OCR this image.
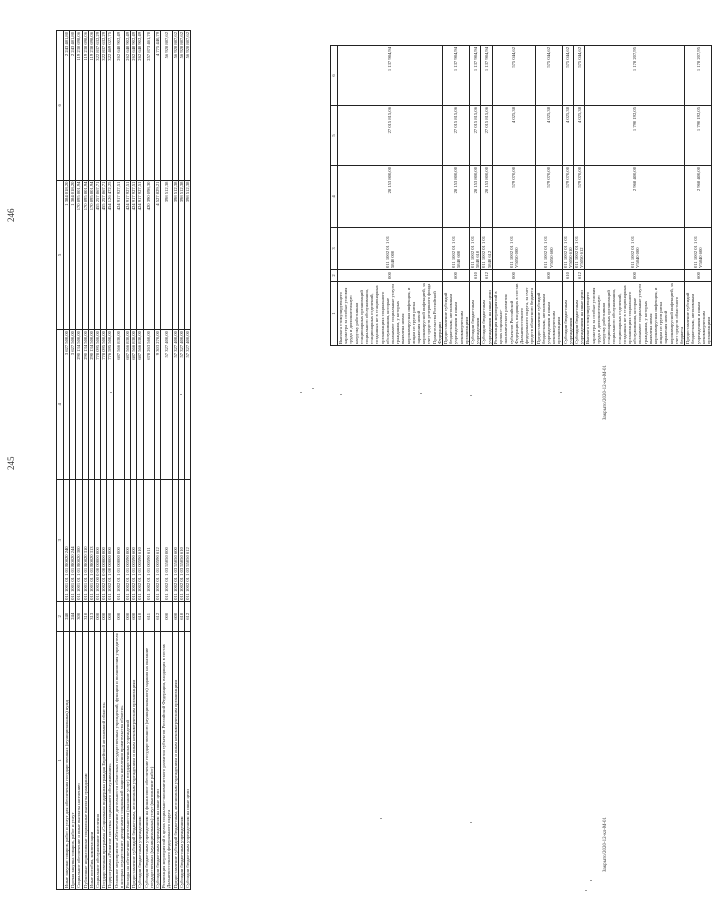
245
246
1	2	3	4	5	6
Иные закупки товаров, работ и услуг для обеспечения государственных (муниципальных) нужд	240	011 1001 01 1 01 R0820 240	3 627 500,00	1 384 018,20	2 243 481,80
Прочая закупка товаров, работ и услуг	244	011 1001 01 1 01 R0820 244	3 627 500,00	1 384 018,20	2 243 481,80
Социальное обеспечение и иные выплаты населению	300	011 1001 01 1 01 R0820 300	290 134 500,00	170 895 801,94	119 238 698,06
Публичные нормативные социальные выплаты гражданам	310	011 1001 01 1 01 R0820 310	290 134 500,00	170 895 801,94	119 238 698,06
Иные пособия, компенсации	313	011 1001 01 1 01 R0820 313	290 134 500,00	170 895 801,94	119 238 698,06
Социальное обслуживание населения	000	011 1002 00 0 00 00000 000	778 095 500,00	455 257 867,71	322 837 632,29
Государственная программа «Социальная поддержка граждан Еврейской автономной области»	000	011 1002 01 0 00 00000 000	778 095 500,00	455 257 867,71	322 837 632,29
Подпрограмма «Развитие системы социального обслуживания»	000	011 1002 01 1 00 00000 000	776 595 500,00	454 126 472,25	322 469 027,75
Основное мероприятие «Обеспечение деятельности областных государственных учреждений, функции и полномочия учредителя в которых осуществляет департамент социальной защиты населения правительства области»	000	011 1002 01 1 01 00000 000	687 566 830,00	424 917 927,51	262 648 902,49
Расходы на обеспечение деятельности (оказание услуг) государственных учреждений	000	011 1002 01 1 01 00590 000	687 566 830,00	424 917 927,51	262 648 902,49
Предоставление субсидий бюджетным, автономным учреждениям и иным некоммерческим организациям	600	011 1002 01 1 01 00590 600	687 566 830,00	424 917 927,51	262 648 902,49
Субсидии бюджетным учреждениям	610	011 1002 01 1 01 00590 610	687 566 830,00	424 917 927,51	262 648 902,49
Субсидии бюджетным учреждениям на финансовое обеспечение государственного (муниципального) задания на оказание государственных (муниципальных) услуг (выполнение работ)	611	011 1002 01 1 01 00590 611	678 263 560,00	420 390 098,30	257 873 461,70
Субсидии бюджетным учреждениям на иные цели	612	011 1002 01 1 01 00590 612	9 303 270,00	4 527 829,21	4 775 440,79
Реализация мероприятий в целях социально-экономического развития субъектов Российской Федерации, входящих в состав Дальневосточного федерального округа	000	011 1002 01 1 03 55050 000	57 327 400,00	398 512,38	56 928 887,62
Предоставление субсидий бюджетным, автономным учреждениям и иным некоммерческим организациям	600	011 1002 01 1 03 55050 600	57 327 400,00	398 512,38	56 928 887,62
Субсидии бюджетным учреждениям	610	011 1002 01 1 03 55050 610	57 327 400,00	398 512,38	56 928 887,62
Субсидии бюджетным учреждениям на иные цели	612	011 1002 01 1 03 55050 612	57 327 400,00	398 512,38	56 928 887,62
1	2	3	4	5	6
Выплата стимулирующего характера за особые условия труда и дополнительную нагрузку работникам стационарных организаций социального обслуживания, стационарных отделений, созданных не в стационарных организациях социального обслуживания, которые оказывают социальные услуги гражданам, у которых выявлена новая коронавирусная инфекция, и лицам из групп риска заражения новой коронавирусной инфекцией, за счет средств резервного фонда Правительства Российской Федерации	000	011 1002 01 1 01 5840 000	28 153 800,00	27 015 815,06	1 137 984,94
Предоставление субсидий бюджетным, автономным учреждениям и иным некоммерческим организациям	600	011 1002 01 1 01 5840 600	28 153 800,00	27 015 815,06	1 137 984,94
Субсидии бюджетным учреждениям	610	011 1002 01 1 01 5840 610	28 153 800,00	27 015 815,06	1 137 984,94
Субсидии бюджетным учреждениям на иные цели	612	011 1002 01 1 01 5840 612	28 153 800,00	27 015 815,06	1 137 984,94
Реализация мероприятий в целях социально-экономического развития субъектов Российской Федерации, входящих в состав Дальневосточного федерального округа, за счет средств областного бюджета	000	011 1002 01 1 01 V5050 000	579 070,00	4 025,38	575 044,62
Предоставление субсидий бюджетным, автономным учреждениям и иным некоммерческим организациям	600	011 1002 01 1 01 V5050 600	579 070,00	4 025,38	575 044,62
Субсидии бюджетным учреждениям	610	011 1002 01 1 01 V5050 610	579 070,00	4 025,38	575 044,62
Субсидии бюджетным учреждениям на иные цели	612	011 1002 01 1 01 V5050 612	579 070,00	4 025,38	575 044,62
Выплата стимулирующего характера за особые условия труда и дополнительную нагрузку работникам стационарных организаций социального обслуживания, стационарных отделений, созданных не в стационарных организациях социального обслуживания, которые оказывают социальные услуги гражданам, у которых выявлена новая коронавирусная инфекция, и лицам из групп риска заражения новой коронавирусной инфекцией, за счет средств областного бюджета	000	011 1002 01 1 01 V5840 000	2 968 400,00	1 790 192,05	1 178 207,95
Предоставление субсидий бюджетным, автономным учреждениям и иным некоммерческим организациям	600	011 1002 01 1 01 V5840 600	2 968 400,00	1 790 192,05	1 178 207,95
Закрыто/2020-12-кл-М-01
Закрыто/2020-12-кл-М-01
